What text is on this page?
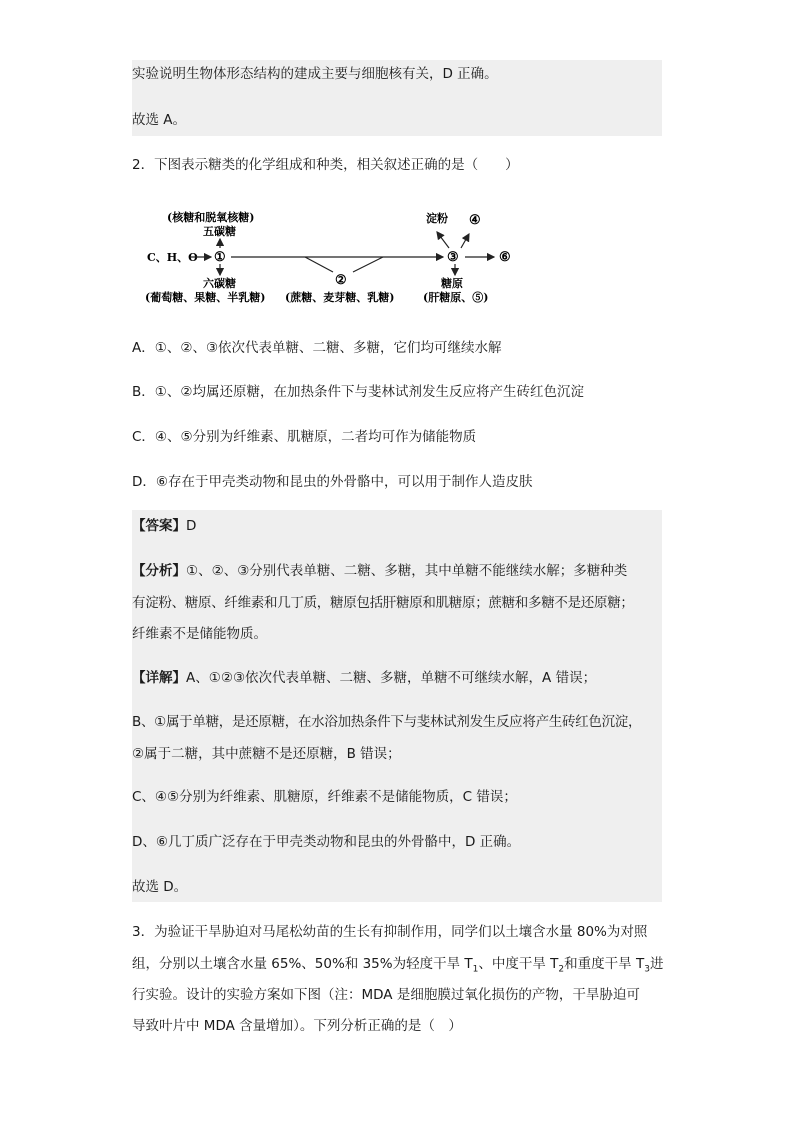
实验说明生物体形态结构的建成主要与细胞核有关，D 正确。
故选 A。
2．下图表示糖类的化学组成和种类，相关叙述正确的是（　　）
(核糖和脱氧核糖)
五碳糖
C、H、O ①
六碳糖
(葡萄糖、果糖、半乳糖)
②
(蔗糖、麦芽糖、乳糖)
淀粉 ④
③	⑥
糖原
(肝糖原、⑤)
A．①、②、③依次代表单糖、二糖、多糖，它们均可继续水解
B．①、②均属还原糖，在加热条件下与斐林试剂发生反应将产生砖红色沉淀
C．④、⑤分别为纤维素、肌糖原，二者均可作为储能物质
D．⑥存在于甲壳类动物和昆虫的外骨骼中，可以用于制作人造皮肤
【答案】D
【分析】①、②、③分别代表单糖、二糖、多糖，其中单糖不能继续水解；多糖种类
有淀粉、糖原、纤维素和几丁质，糖原包括肝糖原和肌糖原；蔗糖和多糖不是还原糖；
纤维素不是储能物质。
【详解】A、①②③依次代表单糖、二糖、多糖，单糖不可继续水解，A 错误；
B、①属于单糖，是还原糖，在水浴加热条件下与斐林试剂发生反应将产生砖红色沉淀，
②属于二糖，其中蔗糖不是还原糖，B 错误；
C、④⑤分别为纤维素、肌糖原，纤维素不是储能物质，C 错误；
D、⑥几丁质广泛存在于甲壳类动物和昆虫的外骨骼中，D 正确。
故选 D。
3．为验证干旱胁迫对马尾松幼苗的生长有抑制作用，同学们以土壤含水量 80%为对照
组，分别以土壤含水量 65%、50%和 35%为轻度干旱 $T_1$、中度干旱 $T_2$和重度干旱 $T_3$进
行实验。设计的实验方案如下图（注：MDA 是细胞膜过氧化损伤的产物，干旱胁迫可
导致叶片中 MDA 含量增加）。下列分析正确的是（　）
